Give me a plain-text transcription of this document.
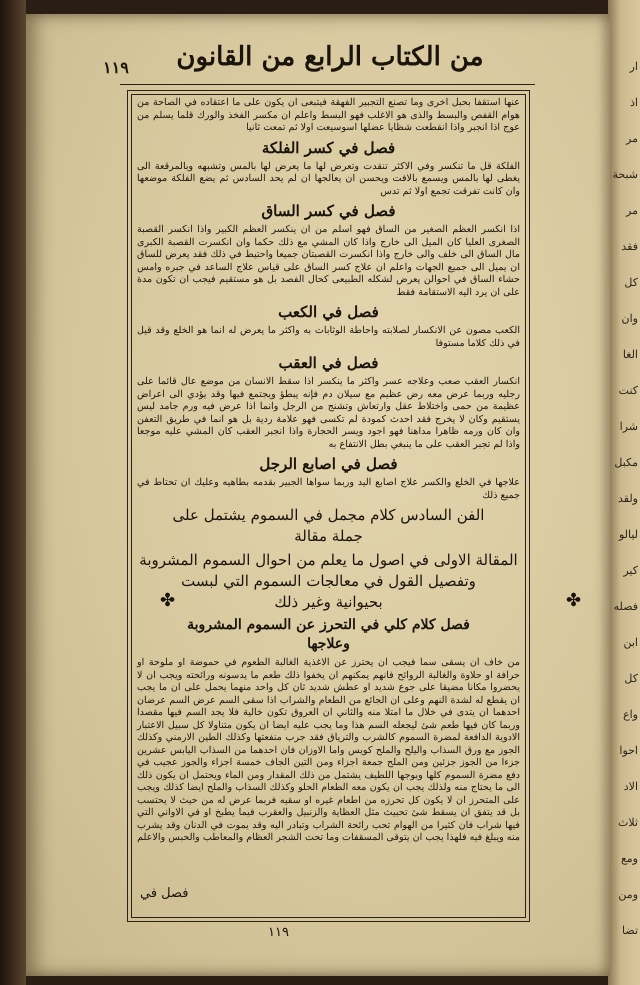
ار
اذ
مر
شبحة
مر
فقد
كل
وان
الغا
كنت
شرا
مكبل
ولقد
ليالو
كير
فصله
ابن
كل
واع
احوا
الاد
ثلاث
ومع
ومن
تضا
١١٩	من الكتاب الرابع من القانون

عنها استقفا بحبل اخرى وما تصنع التجبير الفهقة فيتبعى ان يكون على ما اعتقاده في الصاحة من هوام القفص والبسط والذى هو الاغلب فهو البسط واعلم ان مكسر الفخذ والورك قلما يسلم من عوج اذا انجبر واذا انقطعت شظايا عضلها اسوسيعت اولا ثم تمعت ثانيا

فصل في كسر الفلكة

الفلكة قل ما تنكسر وفي الاكثر تنقدت وتعرض لها ما يعرض لها بالمس وتشبهه وبالمرقعة الى يغطى لها بالمس ويسمع بالافت ويحسن ان يعالجها ان لم يحد السادس ثم يضع الفلكة موضعها وان كانت تفرقت تجمع اولا ثم تدس

فصل في كسر الساق

اذا انكسر العظم الصغير من الساق فهو اسلم من ان ينكسر العظم الكبير واذا انكسر القصبة الصغرى العليا كان الميل الى خارج واذا كان المشي مع ذلك حكما وان انكسرت القصبة الكبرى مال الساق الى خلف والى خارج واذا انكسرت القصبتان جميعا واحتيط في ذلك فقد يعرض للساق ان يميل الى جميع الجهات واعلم ان علاج كسر الساق على قياس علاج الساعد في جبره وامس حشاء الساق في احوالن يعرض لشكله الطبيعى كحال الفصد بل هو مستقيم فيجب ان تكون مدة على ان يرد اليه الاستقامة فقط

فصل في الكعب

الكعب مصون عن الانكسار لصلابته واحاطة الوثابات به واكثر ما يعرض له انما هو الخلع وقد قيل في ذلك كلاما مستوفا

فصل في العقب

انكسار العقب صعب وعلاجه عسر واكثر ما ينكسر اذا سقط الانسان من موضع عال قائما على رجليه وربما عرض معه رض عظيم مع سيلان دم فإنه يبطؤ ويجتمع فيها وقد يؤدي الى اعراض عظيمة من حمى واختلاط عقل وارتعاش وتشنج من الرجل وانما اذا عرض فيه ورم جامد ليس يستقيم وكان لا يخرج فقد احدث كمودة لم تكسى فهو علامة ردية بل هو انما في طريق التعفن وان كان ورمه ظاهرا مداهنا فهو اجود ويسر الحجارة واذا انجبر العقب كان المشي عليه موجعا واذا لم تجبر العقب على ما ينبغي بطل الانتفاع به

فصل في اصابع الرجل

علاجها في الخلع والكسر علاج اصابع اليد وربما سواها الجبير بقدمه بطاهيه وعليك ان تحتاط في جميع ذلك

الفن السادس كلام مجمل في السموم يشتمل على
جملة مقالة
المقالة الاولى في اصول ما يعلم من احوال السموم المشروبة
وتفصيل القول في معالجات السموم التي لبست
بحيوانية وغير ذلك
فصل كلام كلي في التحرز عن السموم المشروبة
وعلاجها

من خاف ان يسقى سما فيجب ان يحترز عن الاغذية الغالبة الطعوم في حموضة او ملوحة او حرافة او حلاوة والغالبة الروائح فانهم يمكنهم ان يخفوا ذلك طعم ما يدسونه ورائحته ويجب ان لا يحضروا مكانا مضيقا على جوع شديد او عطش شديد ثان كل واحد منهما يحمل على ان ما يجب ان يقطع له لشدة النهم وعلى ان الجائع من الطعام والشراب اذا سقى السم عرض السم عرضان احدهما ان يتدى في خلال ما امتلا منه والثاني ان العروق تكون خالية فلا يجد السم فيها مقصدا وربما كان فيها طعم شئ ليجعله السم هذا وما يجب عليه ايضا ان يكون متناولا كل سبيل الاعتبار الادوية الدافعة لمضرة السموم كالشرب والترياق فقد جرب منفعتها وكذلك الطين الارمني وكذلك الجوز مع ورق السذاب واليلح والملح كويس واما الاوزان فان احدهما من السذاب اليابس عشرين جزءا من الجوز جزئين ومن الملح جمعة اجزاء ومن التين الجاف خمسة اجزاء والجوز عجيب في دفع مضرة السموم كلها وبوجها اللطيف يشتمل من ذلك المقدار ومن الماء ويحتمل ان يكون ذلك الى ما يحتاج منه ولذلك يجب ان يكون معه الطعام الحلو وكذلك السذاب والملح ايضا كذلك ويجب على المتحرز ان لا يكون كل تحرزه من اطعام غيره او سقيه فربما عرض له من حيث لا يحتسب بل قد يتفق ان يسقط شئ تحبيث مثل العظاية والزنبيل والعقرب فيما يطبخ او في الاواني التي فيها شراب فان كثيرا من الهوام تحب رائحة الشراب وتبادر اليه وقد يموت في الدنان وقد يشرب منه ويبلغ فيه فلهذا يجب ان يتوقى المسقفات وما تحت الشجر العظام والمعاطب والحبس والاعلم

✤	✤
فصل في
١١٩
